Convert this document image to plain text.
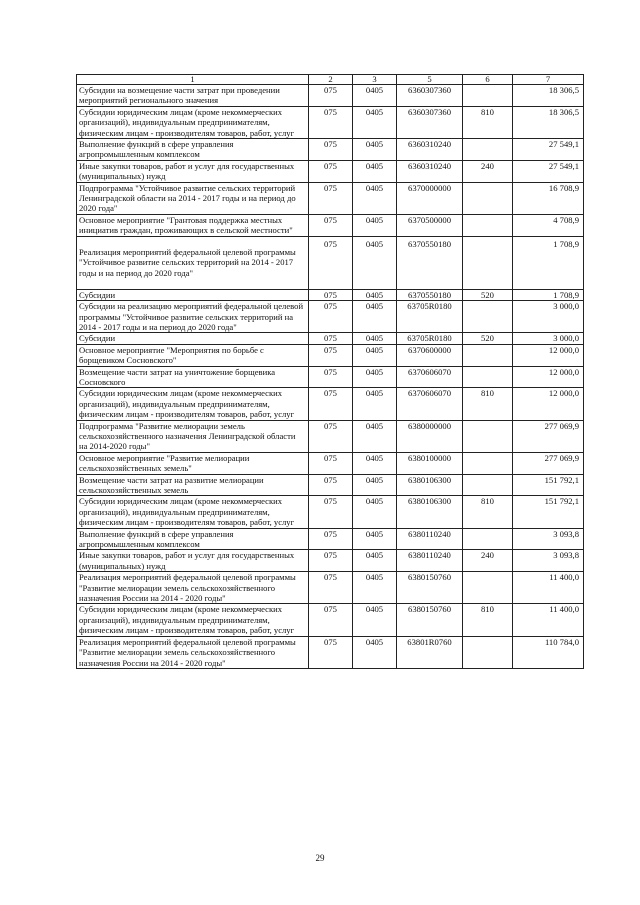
1	2	3	5	6	7
Субсидии на возмещение части затрат при проведении мероприятий регионального значения	075	0405	6360307360		18 306,5
Субсидии юридическим лицам (кроме некоммерческих организаций), индивидуальным предпринимателям, физическим лицам - производителям товаров, работ, услуг	075	0405	6360307360	810	18 306,5
Выполнение функций в сфере управления агропромышленным комплексом	075	0405	6360310240		27 549,1
Иные закупки товаров, работ и услуг для государственных (муниципальных) нужд	075	0405	6360310240	240	27 549,1
Подпрограмма "Устойчивое развитие сельских территорий Ленинградской области на 2014 - 2017 годы и на период до 2020 года"	075	0405	6370000000		16 708,9
Основное мероприятие "Грантовая поддержка местных инициатив граждан, проживающих в сельской местности"	075	0405	6370500000		4 708,9
Реализация мероприятий федеральной целевой программы "Устойчивое развитие сельских территорий на 2014 - 2017 годы и на период до 2020 года"	075	0405	6370550180		1 708,9
Субсидии	075	0405	6370550180	520	1 708,9
Субсидии на реализацию мероприятий федеральной целевой программы "Устойчивое развитие сельских территорий на 2014 - 2017 годы и на период до 2020 года"	075	0405	63705R0180		3 000,0
Субсидии	075	0405	63705R0180	520	3 000,0
Основное мероприятие "Мероприятия по борьбе с борщевиком Сосновского"	075	0405	6370600000		12 000,0
Возмещение части затрат на уничтожение борщевика Сосновского	075	0405	6370606070		12 000,0
Субсидии юридическим лицам (кроме некоммерческих организаций), индивидуальным предпринимателям, физическим лицам - производителям товаров, работ, услуг	075	0405	6370606070	810	12 000,0
Подпрограмма "Развитие мелиорации земель сельскохозяйственного назначения Ленинградской области на 2014-2020 годы"	075	0405	6380000000		277 069,9
Основное мероприятие "Развитие мелиорации сельскохозяйственных земель"	075	0405	6380100000		277 069,9
Возмещение части затрат на развитие мелиорации сельскохозяйственных земель	075	0405	6380106300		151 792,1
Субсидии юридическим лицам (кроме некоммерческих организаций), индивидуальным предпринимателям, физическим лицам - производителям товаров, работ, услуг	075	0405	6380106300	810	151 792,1
Выполнение функций в сфере управления агропромышленным комплексом	075	0405	6380110240		3 093,8
Иные закупки товаров, работ и услуг для государственных (муниципальных) нужд	075	0405	6380110240	240	3 093,8
Реализация мероприятий федеральной целевой программы "Развитие мелиорации земель сельскохозяйственного назначения России на 2014 - 2020 годы"	075	0405	6380150760		11 400,0
Субсидии юридическим лицам (кроме некоммерческих организаций), индивидуальным предпринимателям, физическим лицам - производителям товаров, работ, услуг	075	0405	6380150760	810	11 400,0
Реализация мероприятий федеральной целевой программы "Развитие мелиорации земель сельскохозяйственного назначения России на 2014 - 2020 годы"	075	0405	63801R0760		110 784,0
29
